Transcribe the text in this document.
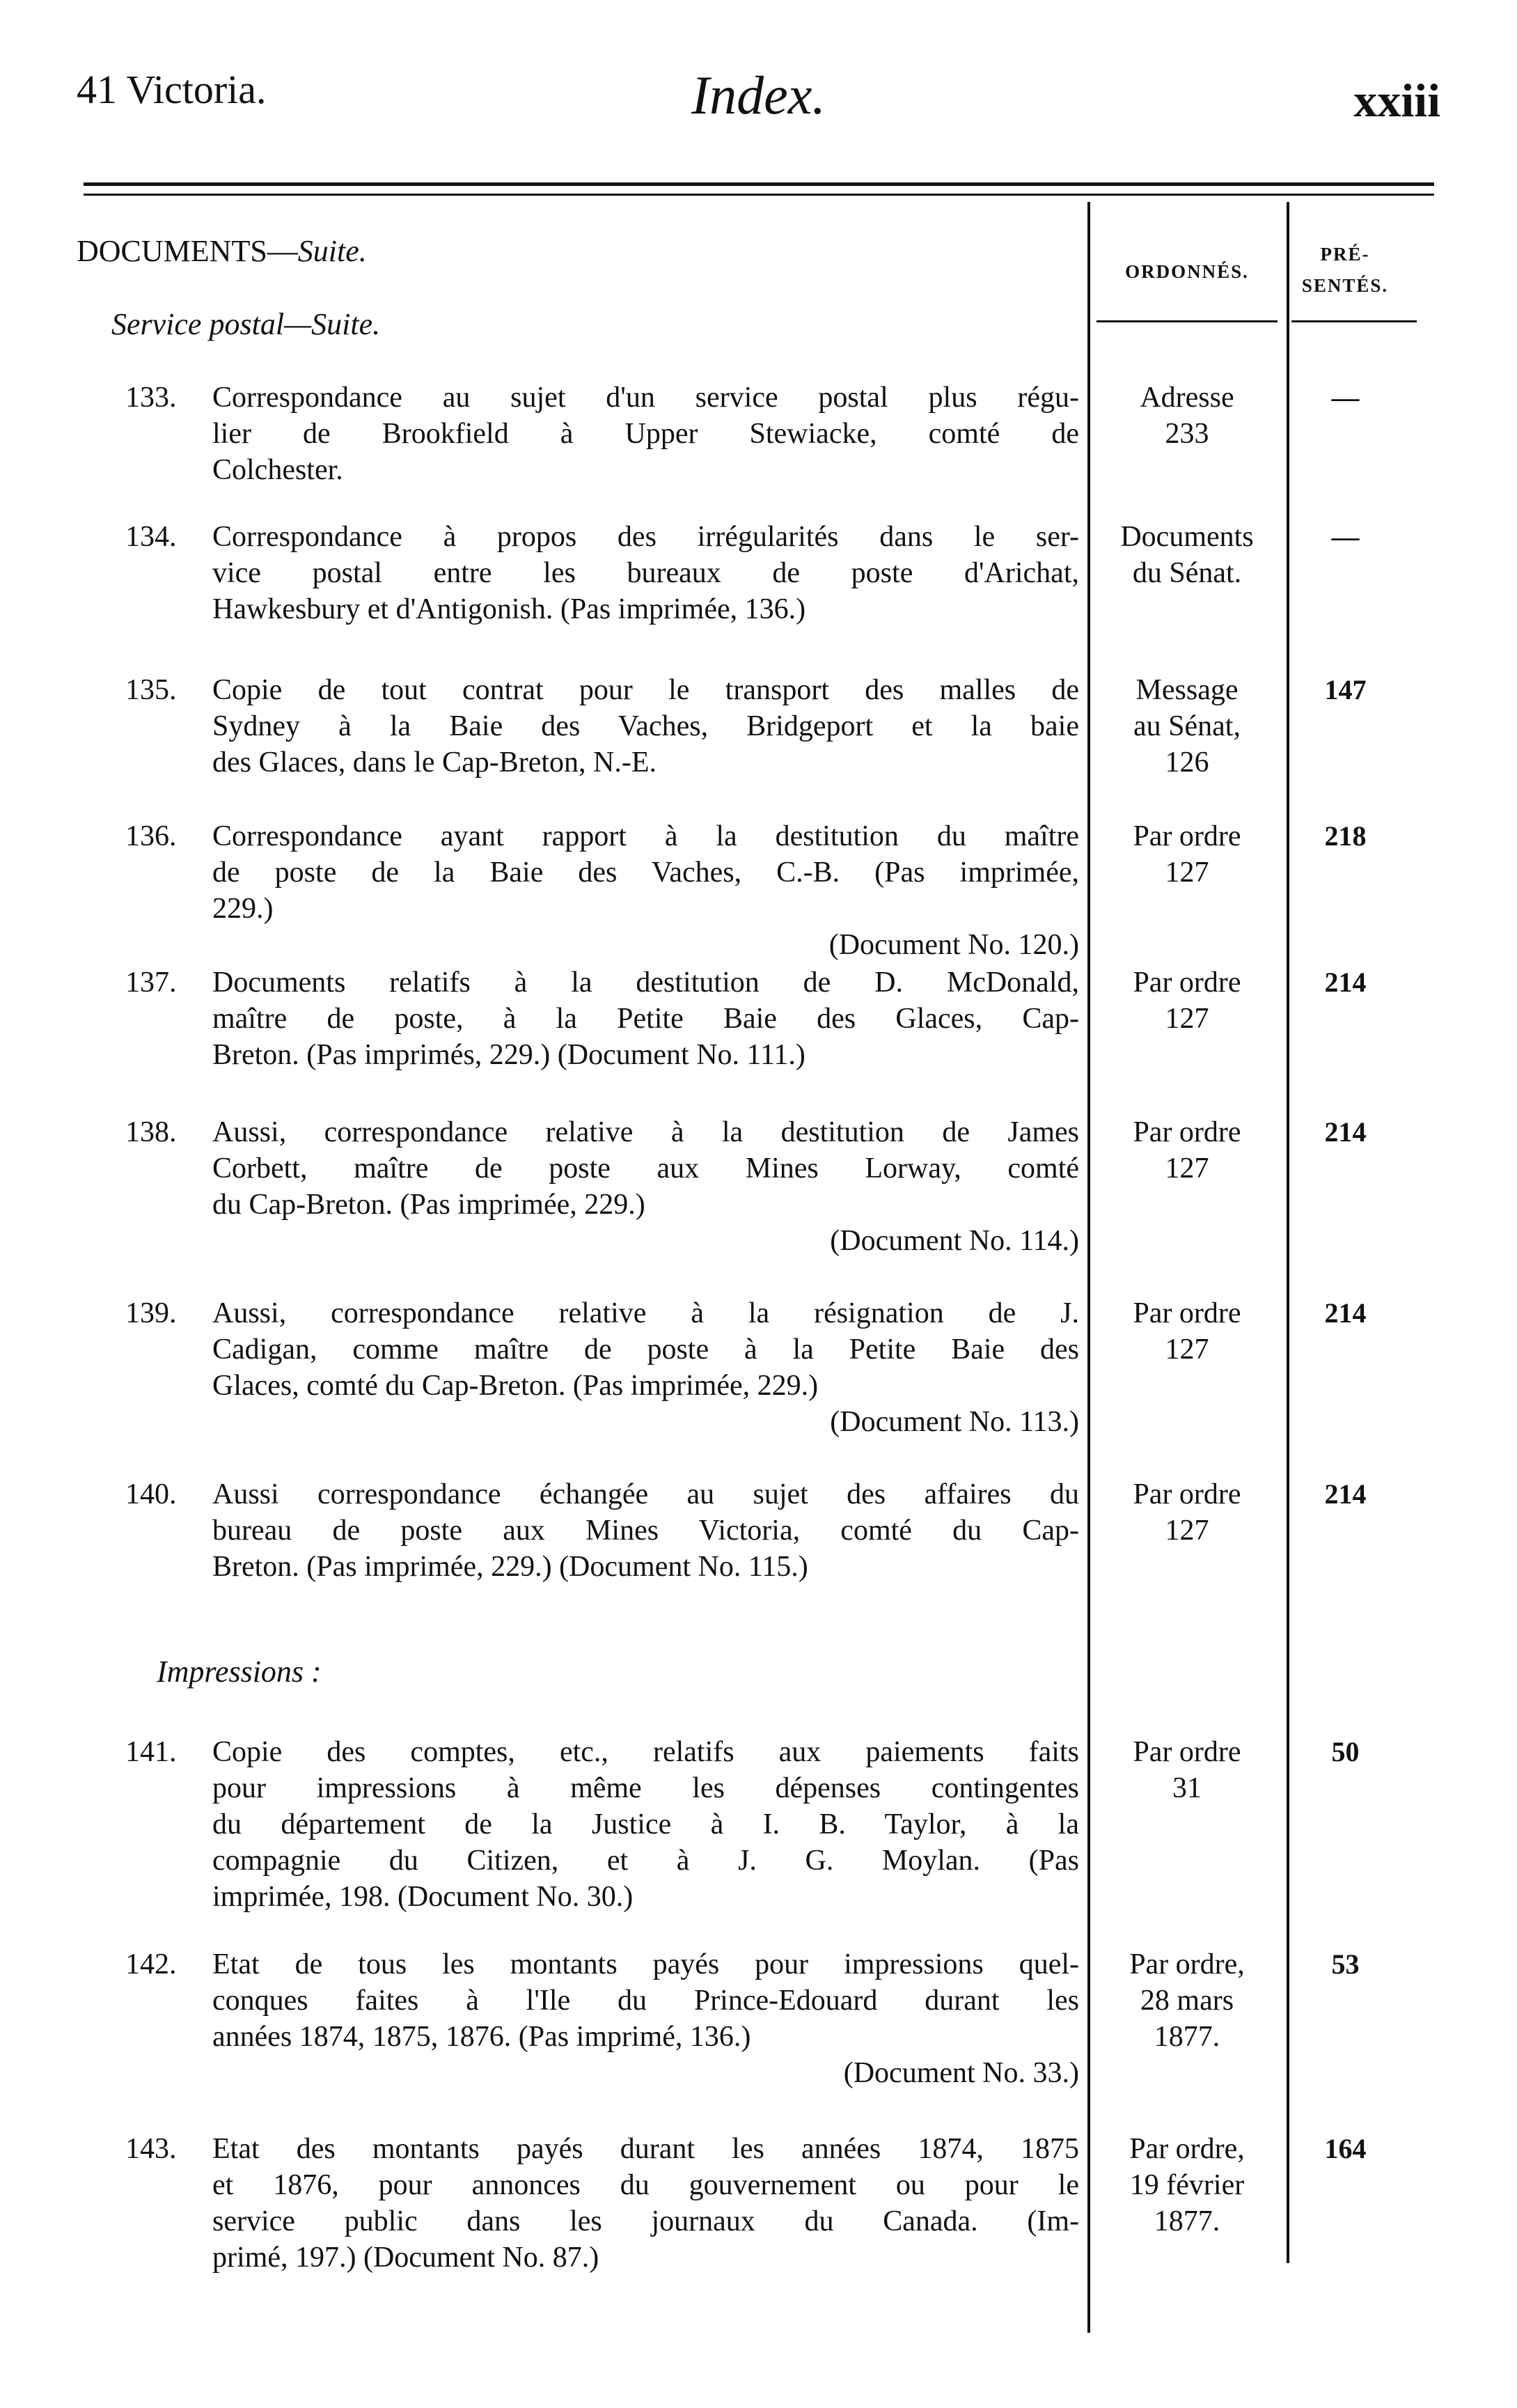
41 Victoria.	Index.	xxiii
DOCUMENTS—Suite.
Service postal—Suite.
ORDONNÉS.
PRÉ-
SENTÉS.
Impressions :
133. Correspondance au sujet d'un service postal plus régu-
lier de Brookfield à Upper Stewiacke, comté de
Colchester.
Adresse
233
—
134. Correspondance à propos des irrégularités dans le ser-
vice postal entre les bureaux de poste d'Arichat,
Hawkesbury et d'Antigonish. (Pas imprimée, 136.)
Documents
du Sénat.
—
135. Copie de tout contrat pour le transport des malles de
Sydney à la Baie des Vaches, Bridgeport et la baie
des Glaces, dans le Cap-Breton, N.-E.
Message
au Sénat,
126
147
136. Correspondance ayant rapport à la destitution du maître
de poste de la Baie des Vaches, C.-B. (Pas imprimée,
229.)
(Document No. 120.)
Par ordre
127
218
137. Documents relatifs à la destitution de D. McDonald,
maître de poste, à la Petite Baie des Glaces, Cap-
Breton. (Pas imprimés, 229.) (Document No. 111.)
Par ordre
127
214
138. Aussi, correspondance relative à la destitution de James
Corbett, maître de poste aux Mines Lorway, comté
du Cap-Breton. (Pas imprimée, 229.)
(Document No. 114.)
Par ordre
127
214
139. Aussi, correspondance relative à la résignation de J.
Cadigan, comme maître de poste à la Petite Baie des
Glaces, comté du Cap-Breton. (Pas imprimée, 229.)
(Document No. 113.)
Par ordre
127
214
140. Aussi correspondance échangée au sujet des affaires du
bureau de poste aux Mines Victoria, comté du Cap-
Breton. (Pas imprimée, 229.) (Document No. 115.)
Par ordre
127
214
141. Copie des comptes, etc., relatifs aux paiements faits
pour impressions à même les dépenses contingentes
du département de la Justice à I. B. Taylor, à la
compagnie du Citizen, et à J. G. Moylan. (Pas
imprimée, 198. (Document No. 30.)
Par ordre
31
50
142. Etat de tous les montants payés pour impressions quel-
conques faites à l'Ile du Prince-Edouard durant les
années 1874, 1875, 1876. (Pas imprimé, 136.)
(Document No. 33.)
Par ordre,
28 mars
1877.
53
143. Etat des montants payés durant les années 1874, 1875
et 1876, pour annonces du gouvernement ou pour le
service public dans les journaux du Canada. (Im-
primé, 197.) (Document No. 87.)
Par ordre,
19 février
1877.
164
